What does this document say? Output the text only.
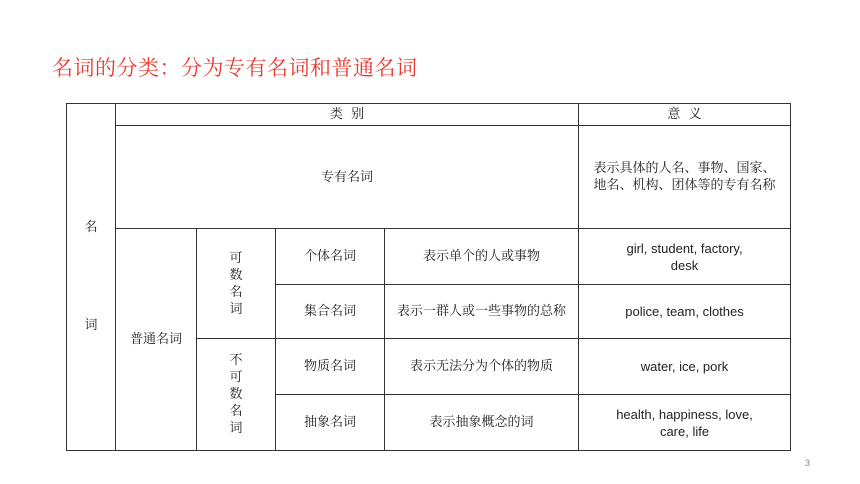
名词的分类：分为专有名词和普通名词
名词	类  别				意  义	
	专有名词				表示具体的人名、事物、国家、地名、机构、团体等的专有名称	
	普通名词	可数名词	个体名词	表示单个的人或事物	girl, student, factory, desk	
			集合名词	表示一群人或一些事物的总称	police, team, clothes	

		不可数名词	物质名词	表示无法分为个体的物质	water, ice, pork	
			抽象名词	表示抽象概念的词	health, happiness, love, care, life	
3
